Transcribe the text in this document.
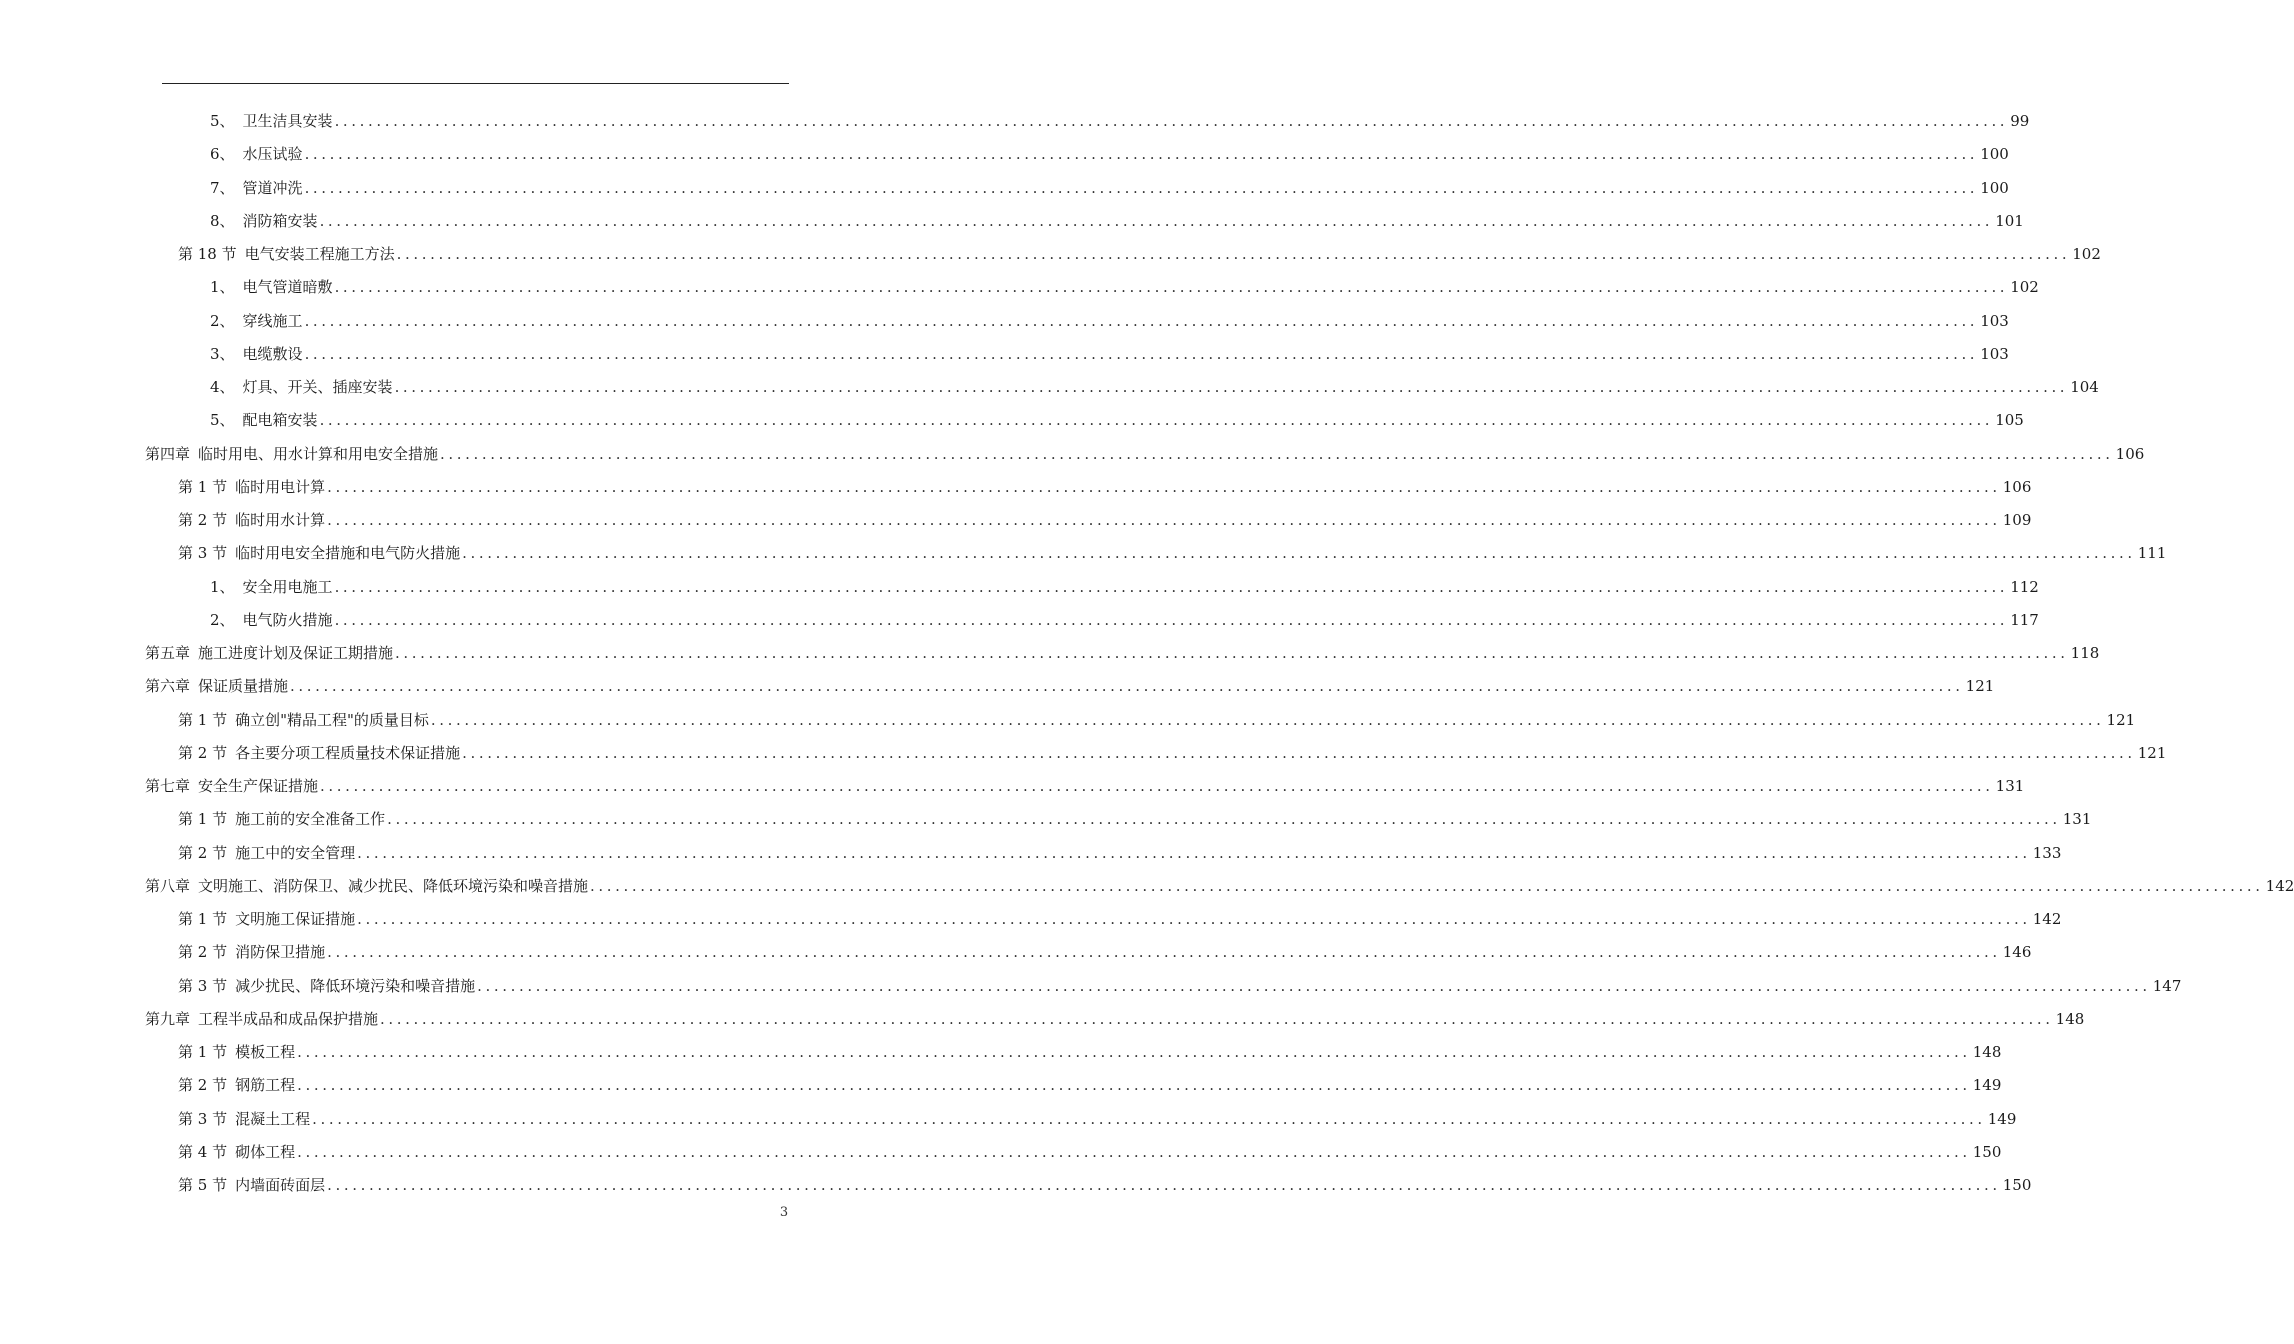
5、 卫生洁具安装 ........................................................................................................................................................................................................ 99
6、 水压试验 ........................................................................................................................................................................................................ 100
7、 管道冲洗 ........................................................................................................................................................................................................ 100
8、 消防箱安装 ........................................................................................................................................................................................................ 101
第 18 节 电气安装工程施工方法 ........................................................................................................................................................................................................ 102
1、 电气管道暗敷 ........................................................................................................................................................................................................ 102
2、 穿线施工 ........................................................................................................................................................................................................ 103
3、 电缆敷设 ........................................................................................................................................................................................................ 103
4、 灯具、开关、插座安装 ........................................................................................................................................................................................................ 104
5、 配电箱安装 ........................................................................................................................................................................................................ 105
第四章 临时用电、用水计算和用电安全措施 ........................................................................................................................................................................................................ 106
第 1 节 临时用电计算 ........................................................................................................................................................................................................ 106
第 2 节 临时用水计算 ........................................................................................................................................................................................................ 109
第 3 节 临时用电安全措施和电气防火措施 ........................................................................................................................................................................................................ 111
1、 安全用电施工 ........................................................................................................................................................................................................ 112
2、 电气防火措施 ........................................................................................................................................................................................................ 117
第五章 施工进度计划及保证工期措施 ........................................................................................................................................................................................................ 118
第六章 保证质量措施 ........................................................................................................................................................................................................ 121
第 1 节 确立创"精品工程"的质量目标 ........................................................................................................................................................................................................ 121
第 2 节 各主要分项工程质量技术保证措施 ........................................................................................................................................................................................................ 121
第七章 安全生产保证措施 ........................................................................................................................................................................................................ 131
第 1 节 施工前的安全准备工作 ........................................................................................................................................................................................................ 131
第 2 节 施工中的安全管理 ........................................................................................................................................................................................................ 133
第八章 文明施工、消防保卫、减少扰民、降低环境污染和噪音措施 ........................................................................................................................................................................................................ 142
第 1 节 文明施工保证措施 ........................................................................................................................................................................................................ 142
第 2 节 消防保卫措施 ........................................................................................................................................................................................................ 146
第 3 节 减少扰民、降低环境污染和噪音措施 ........................................................................................................................................................................................................ 147
第九章 工程半成品和成品保护措施 ........................................................................................................................................................................................................ 148
第 1 节 模板工程 ........................................................................................................................................................................................................ 148
第 2 节 钢筋工程 ........................................................................................................................................................................................................ 149
第 3 节 混凝土工程 ........................................................................................................................................................................................................ 149
第 4 节 砌体工程 ........................................................................................................................................................................................................ 150
第 5 节 内墙面砖面层 ........................................................................................................................................................................................................ 150
3
